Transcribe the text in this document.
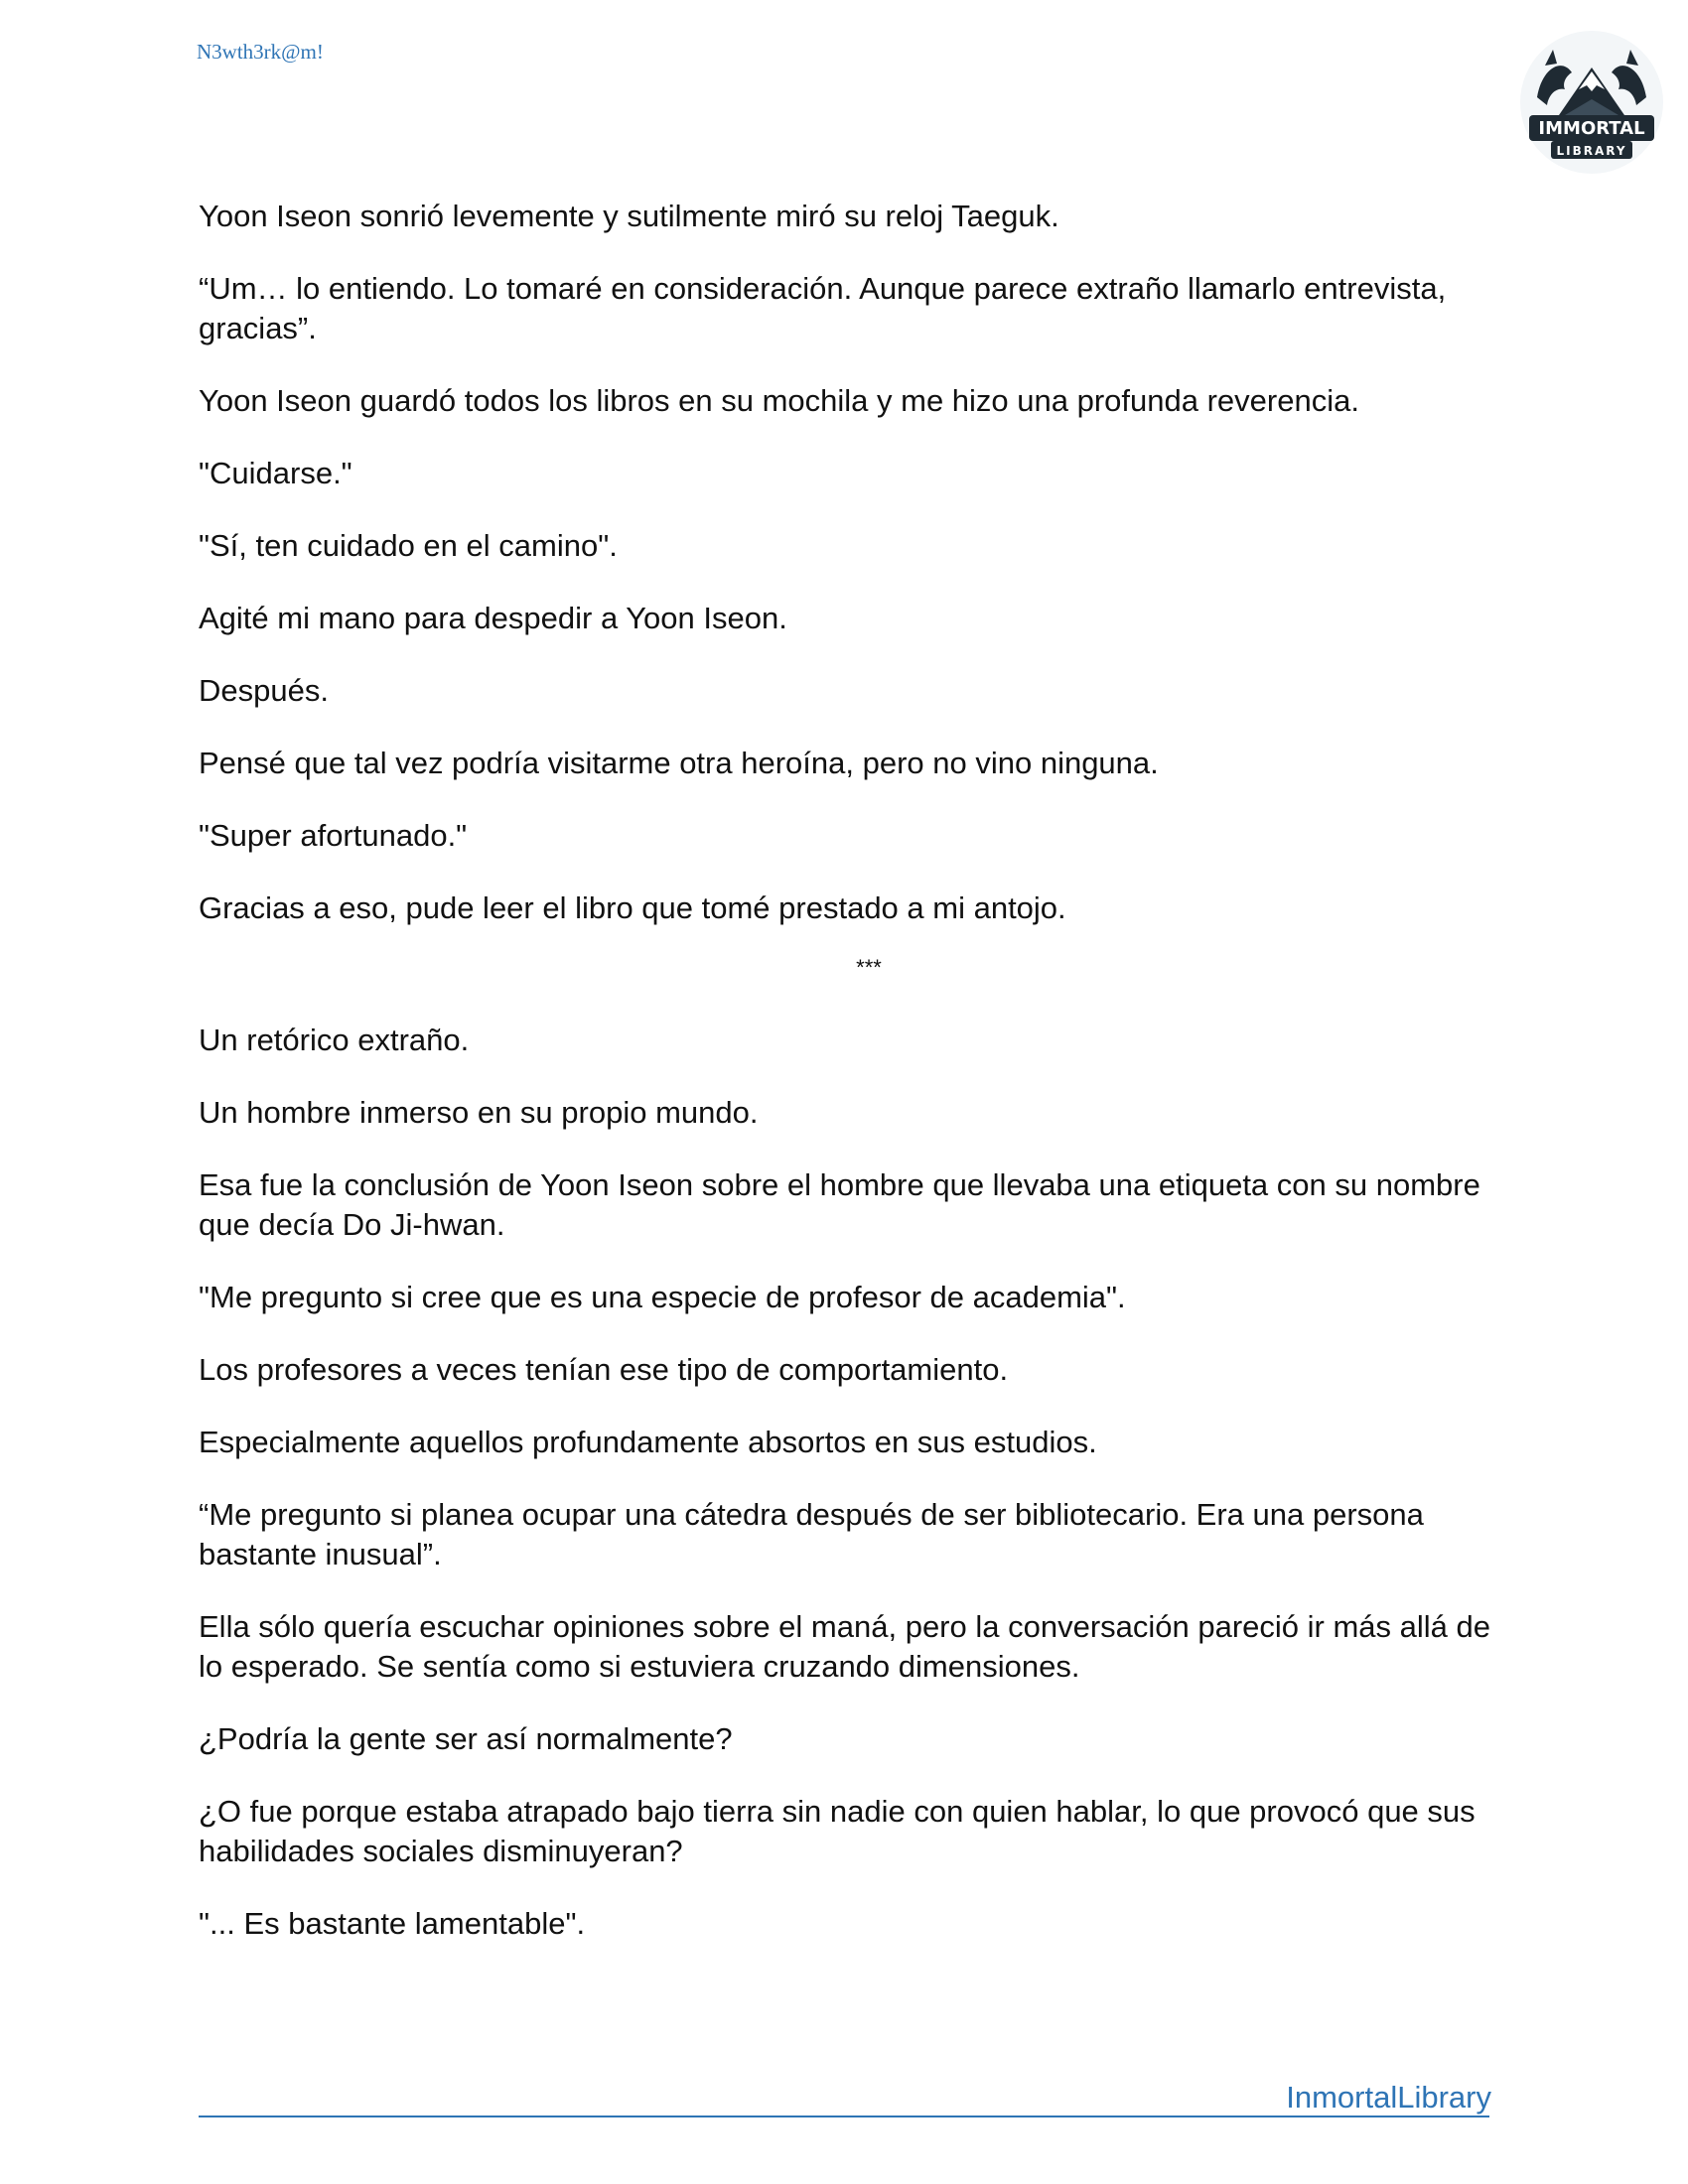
N3wth3rk@m!
IMMORTAL
LIBRARY

Yoon Iseon sonrió levemente y sutilmente miró su reloj Taeguk.

“Um… lo entiendo. Lo tomaré en consideración. Aunque parece extraño llamarlo entrevista, gracias”.

Yoon Iseon guardó todos los libros en su mochila y me hizo una profunda reverencia.

"Cuidarse."

"Sí, ten cuidado en el camino".

Agité mi mano para despedir a Yoon Iseon.

Después.

Pensé que tal vez podría visitarme otra heroína, pero no vino ninguna.

"Super afortunado."

Gracias a eso, pude leer el libro que tomé prestado a mi antojo.

***

Un retórico extraño.

Un hombre inmerso en su propio mundo.

Esa fue la conclusión de Yoon Iseon sobre el hombre que llevaba una etiqueta con su nombre que decía Do Ji-hwan.

"Me pregunto si cree que es una especie de profesor de academia".

Los profesores a veces tenían ese tipo de comportamiento.

Especialmente aquellos profundamente absortos en sus estudios.

“Me pregunto si planea ocupar una cátedra después de ser bibliotecario. Era una persona bastante inusual”.

Ella sólo quería escuchar opiniones sobre el maná, pero la conversación pareció ir más allá de lo esperado. Se sentía como si estuviera cruzando dimensiones.

¿Podría la gente ser así normalmente?

¿O fue porque estaba atrapado bajo tierra sin nadie con quien hablar, lo que provocó que sus habilidades sociales disminuyeran?

"... Es bastante lamentable".

InmortalLibrary
